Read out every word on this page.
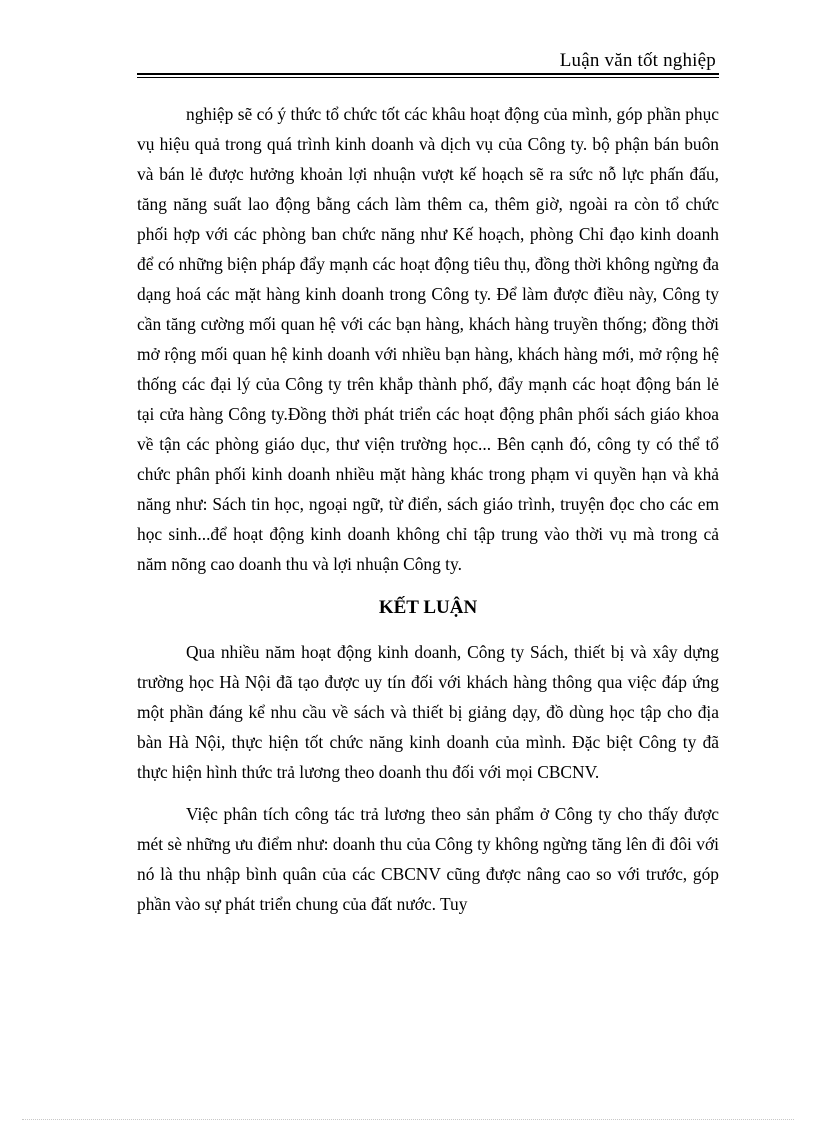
Luận văn tốt nghiệp

nghiệp sẽ có ý thức tổ chức tốt các khâu hoạt động của mình, góp phần phục vụ hiệu quả trong quá trình kinh doanh và dịch vụ của Công ty. bộ phận bán buôn và bán lẻ được hưởng khoản lợi nhuận vượt kế hoạch sẽ ra sức nỗ lực phấn đấu, tăng năng suất lao động bằng cách làm thêm ca, thêm giờ, ngoài ra còn tổ chức phối hợp với các phòng ban chức năng như Kế hoạch, phòng Chỉ đạo kinh doanh để có những biện pháp đẩy mạnh các hoạt động tiêu thụ, đồng thời không ngừng đa dạng hoá các mặt hàng kinh doanh trong Công ty. Để làm được điều này, Công ty cần tăng cường mối quan hệ với các bạn hàng, khách hàng truyền thống; đồng thời mở rộng mối quan hệ kinh doanh với nhiều bạn hàng, khách hàng mới, mở rộng hệ thống các đại lý của Công ty trên khắp thành phố, đẩy mạnh các hoạt động bán lẻ tại cửa hàng Công ty.Đồng thời phát triển các hoạt động phân phối sách giáo khoa về tận các phòng giáo dục, thư viện trường học... Bên cạnh đó, công ty có thể tổ chức phân phối kinh doanh nhiều mặt hàng khác trong phạm vi quyền hạn và khả năng như: Sách tin học, ngoại ngữ, từ điển, sách giáo trình, truyện đọc cho các em học sinh...để hoạt động kinh doanh không chỉ tập trung vào thời vụ mà trong cả năm nõng cao doanh thu và lợi nhuận Công ty.

KẾT LUẬN

Qua nhiều năm hoạt động kinh doanh, Công ty Sách, thiết bị và xây dựng trường học Hà Nội đã tạo được uy tín đối với khách hàng thông qua việc đáp ứng một phần đáng kể nhu cầu về sách và thiết bị giảng dạy, đồ dùng học tập cho địa bàn Hà Nội, thực hiện tốt chức năng kinh doanh của mình. Đặc biệt Công ty đã thực hiện hình thức trả lương theo doanh thu đối với mọi CBCNV.

Việc phân tích công tác trả lương theo sản phẩm ở Công ty cho thấy được mét sè những ưu điểm như: doanh thu của Công ty không ngừng tăng lên đi đôi với nó là thu nhập bình quân của các CBCNV cũng được nâng cao so với trước, góp phần vào sự phát triển chung của đất nước. Tuy
